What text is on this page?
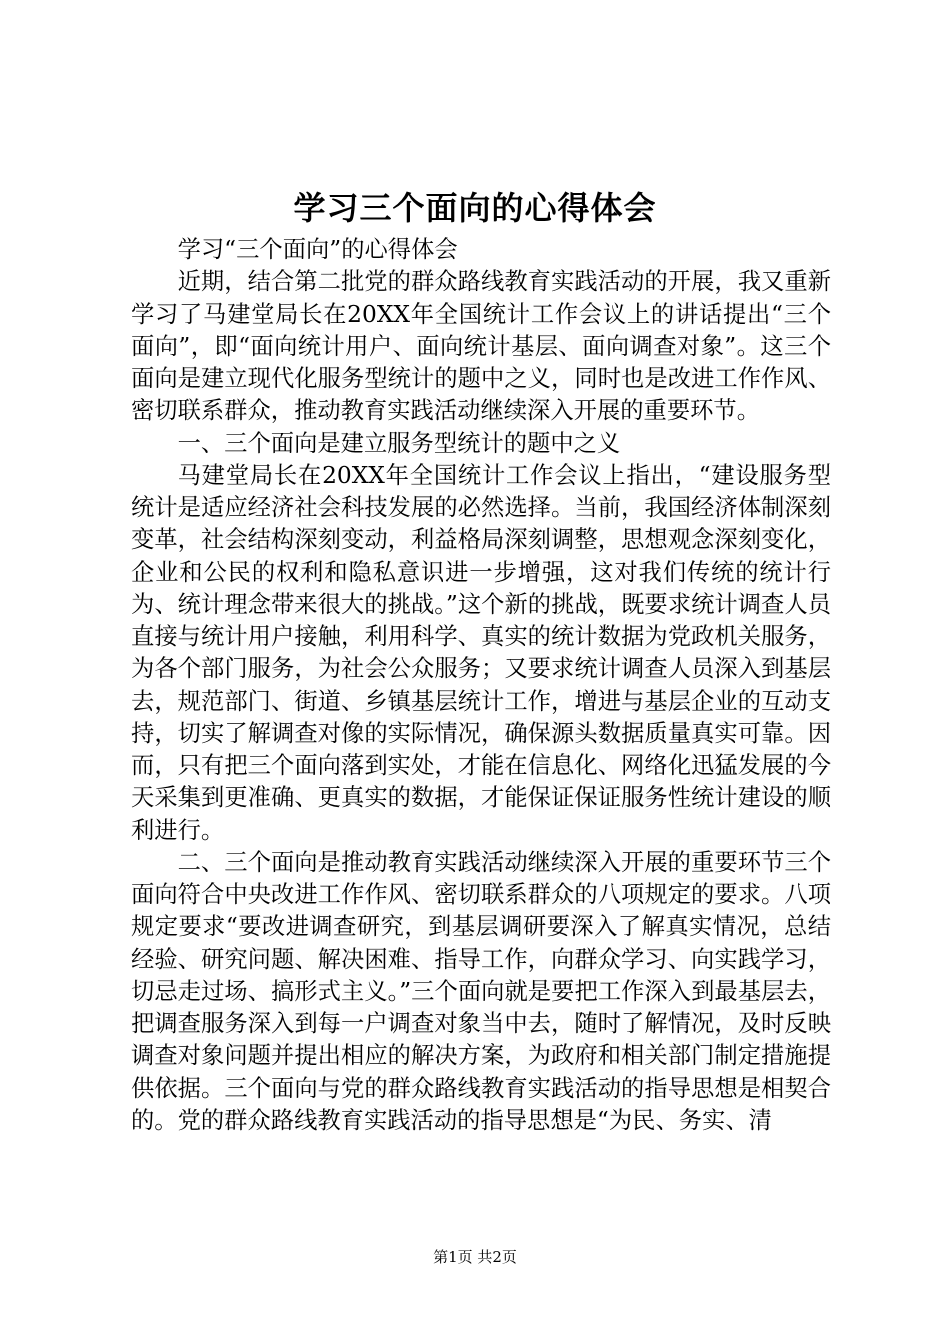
学习三个面向的心得体会

学习“三个面向”的心得体会

近期，结合第二批党的群众路线教育实践活动的开展，我又重新学习了马建堂局长在20XX年全国统计工作会议上的讲话提出“三个面向”，即“面向统计用户、面向统计基层、面向调查对象”。这三个面向是建立现代化服务型统计的题中之义，同时也是改进工作作风、密切联系群众，推动教育实践活动继续深入开展的重要环节。

一、三个面向是建立服务型统计的题中之义

马建堂局长在20XX年全国统计工作会议上指出，“建设服务型统计是适应经济社会科技发展的必然选择。当前，我国经济体制深刻变革，社会结构深刻变动，利益格局深刻调整，思想观念深刻变化，企业和公民的权利和隐私意识进一步增强，这对我们传统的统计行为、统计理念带来很大的挑战。”这个新的挑战，既要求统计调查人员直接与统计用户接触，利用科学、真实的统计数据为党政机关服务，为各个部门服务，为社会公众服务；又要求统计调查人员深入到基层去，规范部门、街道、乡镇基层统计工作，增进与基层企业的互动支持，切实了解调查对像的实际情况，确保源头数据质量真实可靠。因而，只有把三个面向落到实处，才能在信息化、网络化迅猛发展的今天采集到更准确、更真实的数据，才能保证保证服务性统计建设的顺利进行。

二、三个面向是推动教育实践活动继续深入开展的重要环节三个面向符合中央改进工作作风、密切联系群众的八项规定的要求。八项规定要求“要改进调查研究，到基层调研要深入了解真实情况，总结经验、研究问题、解决困难、指导工作，向群众学习、向实践学习，切忌走过场、搞形式主义。”三个面向就是要把工作深入到最基层去，把调查服务深入到每一户调查对象当中去，随时了解情况，及时反映调查对象问题并提出相应的解决方案，为政府和相关部门制定措施提供依据。三个面向与党的群众路线教育实践活动的指导思想是相契合的。党的群众路线教育实践活动的指导思想是“为民、务实、清

第1页 共2页
